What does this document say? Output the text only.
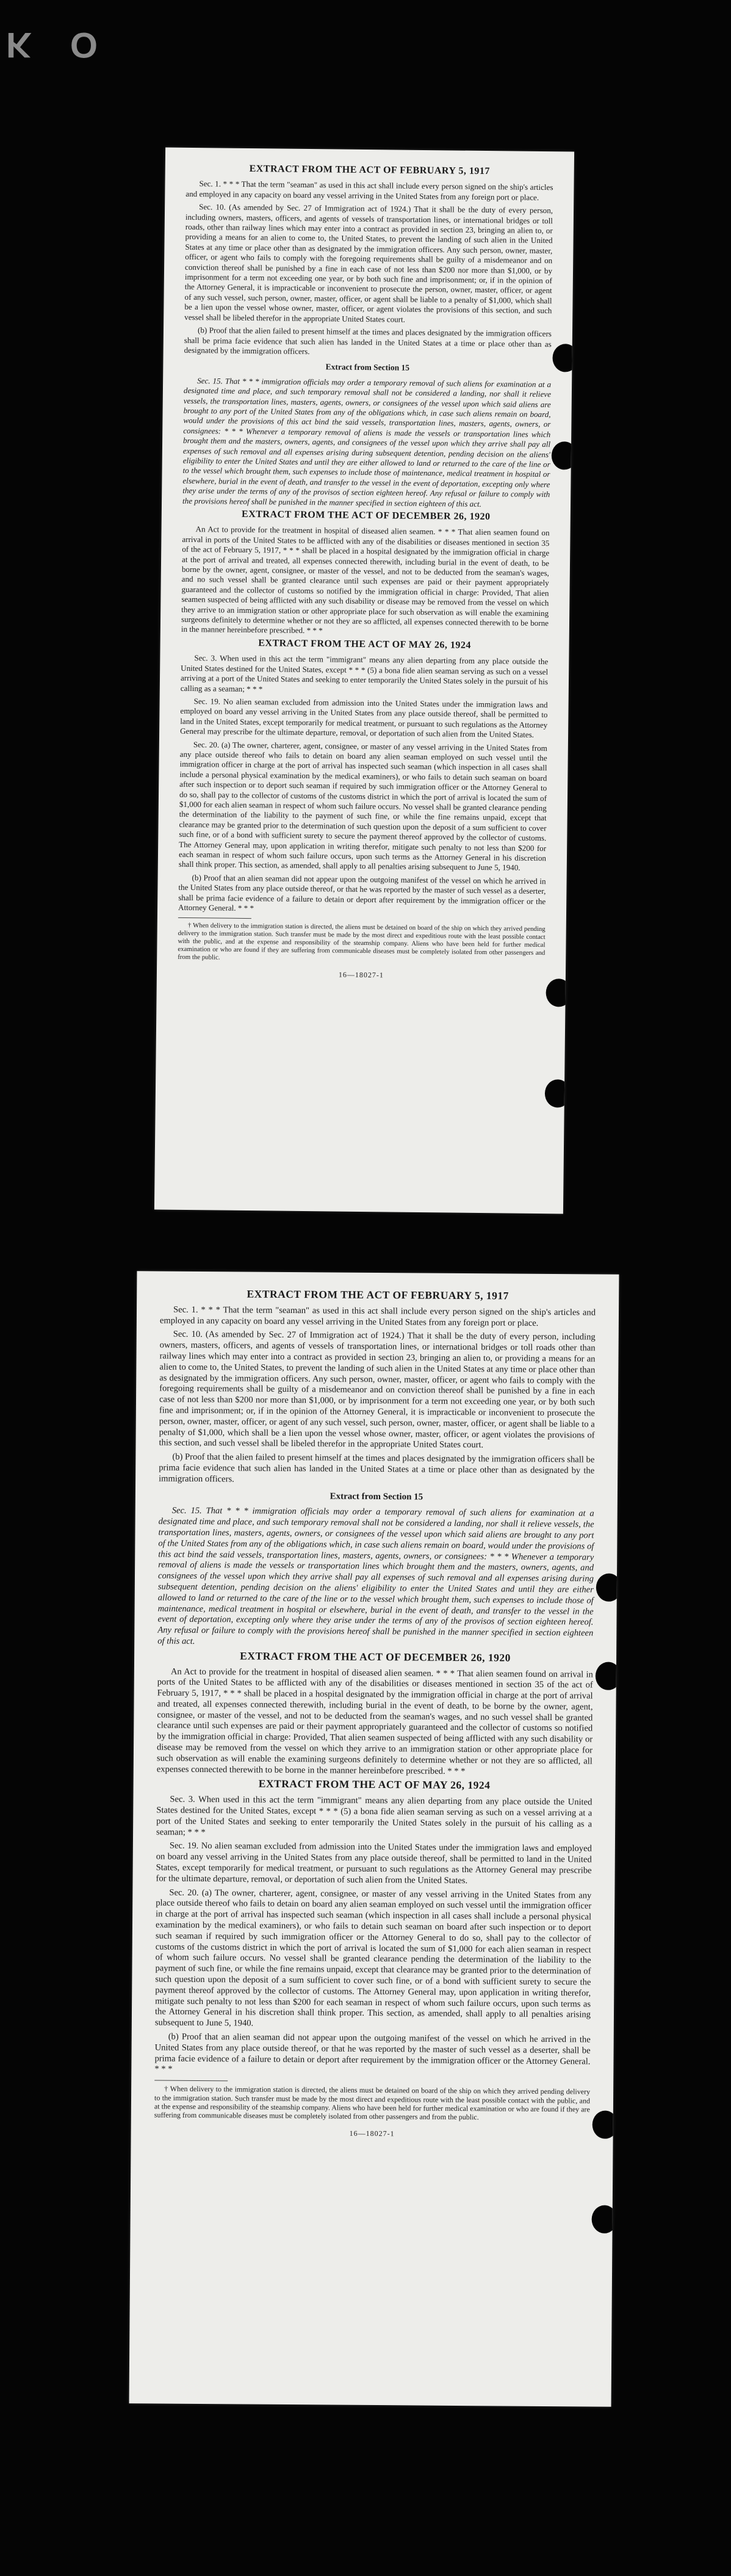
K O
EXTRACT FROM THE ACT OF FEBRUARY 5, 1917

Sec. 1. * * * That the term "seaman" as used in this act shall include every person signed on the ship's articles and employed in any capacity on board any vessel arriving in the United States from any foreign port or place.

Sec. 10. (As amended by Sec. 27 of Immigration act of 1924.) That it shall be the duty of every person, including owners, masters, officers, and agents of vessels of transportation lines, or international bridges or toll roads, other than railway lines which may enter into a contract as provided in section 23, bringing an alien to, or providing a means for an alien to come to, the United States, to prevent the landing of such alien in the United States at any time or place other than as designated by the immigration officers. Any such person, owner, master, officer, or agent who fails to comply with the foregoing requirements shall be guilty of a misdemeanor and on conviction thereof shall be punished by a fine in each case of not less than $200 nor more than $1,000, or by imprisonment for a term not exceeding one year, or by both such fine and imprisonment; or, if in the opinion of the Attorney General, it is impracticable or inconvenient to prosecute the person, owner, master, officer, or agent of any such vessel, such person, owner, master, officer, or agent shall be liable to a penalty of $1,000, which shall be a lien upon the vessel whose owner, master, officer, or agent violates the provisions of this section, and such vessel shall be libeled therefor in the appropriate United States court.

(b) Proof that the alien failed to present himself at the times and places designated by the immigration officers shall be prima facie evidence that such alien has landed in the United States at a time or place other than as designated by the immigration officers.

Extract from Section 15

Sec. 15. That * * * immigration officials may order a temporary removal of such aliens for examination at a designated time and place, and such temporary removal shall not be considered a landing, nor shall it relieve vessels, the transportation lines, masters, agents, owners, or consignees of the vessel upon which said aliens are brought to any port of the United States from any of the obligations which, in case such aliens remain on board, would under the provisions of this act bind the said vessels, transportation lines, masters, agents, owners, or consignees: * * * Whenever a temporary removal of aliens is made the vessels or transportation lines which brought them and the masters, owners, agents, and consignees of the vessel upon which they arrive shall pay all expenses of such removal and all expenses arising during subsequent detention, pending decision on the aliens' eligibility to enter the United States and until they are either allowed to land or returned to the care of the line or to the vessel which brought them, such expenses to include those of maintenance, medical treatment in hospital or elsewhere, burial in the event of death, and transfer to the vessel in the event of deportation, excepting only where they arise under the terms of any of the provisos of section eighteen hereof. Any refusal or failure to comply with the provisions hereof shall be punished in the manner specified in section eighteen of this act.

EXTRACT FROM THE ACT OF DECEMBER 26, 1920

An Act to provide for the treatment in hospital of diseased alien seamen. * * * That alien seamen found on arrival in ports of the United States to be afflicted with any of the disabilities or diseases mentioned in section 35 of the act of February 5, 1917, * * * shall be placed in a hospital designated by the immigration official in charge at the port of arrival and treated, all expenses connected therewith, including burial in the event of death, to be borne by the owner, agent, consignee, or master of the vessel, and not to be deducted from the seaman's wages, and no such vessel shall be granted clearance until such expenses are paid or their payment appropriately guaranteed and the collector of customs so notified by the immigration official in charge: Provided, That alien seamen suspected of being afflicted with any such disability or disease may be removed from the vessel on which they arrive to an immigration station or other appropriate place for such observation as will enable the examining surgeons definitely to determine whether or not they are so afflicted, all expenses connected therewith to be borne in the manner hereinbefore prescribed. * * *

EXTRACT FROM THE ACT OF MAY 26, 1924

Sec. 3. When used in this act the term "immigrant" means any alien departing from any place outside the United States destined for the United States, except * * * (5) a bona fide alien seaman serving as such on a vessel arriving at a port of the United States and seeking to enter temporarily the United States solely in the pursuit of his calling as a seaman; * * *

Sec. 19. No alien seaman excluded from admission into the United States under the immigration laws and employed on board any vessel arriving in the United States from any place outside thereof, shall be permitted to land in the United States, except temporarily for medical treatment, or pursuant to such regulations as the Attorney General may prescribe for the ultimate departure, removal, or deportation of such alien from the United States.

Sec. 20. (a) The owner, charterer, agent, consignee, or master of any vessel arriving in the United States from any place outside thereof who fails to detain on board any alien seaman employed on such vessel until the immigration officer in charge at the port of arrival has inspected such seaman (which inspection in all cases shall include a personal physical examination by the medical examiners), or who fails to detain such seaman on board after such inspection or to deport such seaman if required by such immigration officer or the Attorney General to do so, shall pay to the collector of customs of the customs district in which the port of arrival is located the sum of $1,000 for each alien seaman in respect of whom such failure occurs. No vessel shall be granted clearance pending the determination of the liability to the payment of such fine, or while the fine remains unpaid, except that clearance may be granted prior to the determination of such question upon the deposit of a sum sufficient to cover such fine, or of a bond with sufficient surety to secure the payment thereof approved by the collector of customs. The Attorney General may, upon application in writing therefor, mitigate such penalty to not less than $200 for each seaman in respect of whom such failure occurs, upon such terms as the Attorney General in his discretion shall think proper. This section, as amended, shall apply to all penalties arising subsequent to June 5, 1940.

(b) Proof that an alien seaman did not appear upon the outgoing manifest of the vessel on which he arrived in the United States from any place outside thereof, or that he was reported by the master of such vessel as a deserter, shall be prima facie evidence of a failure to detain or deport after requirement by the immigration officer or the Attorney General. * * *

† When delivery to the immigration station is directed, the aliens must be detained on board of the ship on which they arrived pending delivery to the immigration station. Such transfer must be made by the most direct and expeditious route with the least possible contact with the public, and at the expense and responsibility of the steamship company. Aliens who have been held for further medical examination or who are found if they are suffering from communicable diseases must be completely isolated from other passengers and from the public.

16—18027-1
EXTRACT FROM THE ACT OF FEBRUARY 5, 1917

Sec. 1. * * * That the term "seaman" as used in this act shall include every person signed on the ship's articles and employed in any capacity on board any vessel arriving in the United States from any foreign port or place.

Sec. 10. (As amended by Sec. 27 of Immigration act of 1924.) That it shall be the duty of every person, including owners, masters, officers, and agents of vessels of transportation lines, or international bridges or toll roads other than railway lines which may enter into a contract as provided in section 23, bringing an alien to, or providing a means for an alien to come to, the United States, to prevent the landing of such alien in the United States at any time or place other than as designated by the immigration officers. Any such person, owner, master, officer, or agent who fails to comply with the foregoing requirements shall be guilty of a misdemeanor and on conviction thereof shall be punished by a fine in each case of not less than $200 nor more than $1,000, or by imprisonment for a term not exceeding one year, or by both such fine and imprisonment; or, if in the opinion of the Attorney General, it is impracticable or inconvenient to prosecute the person, owner, master, officer, or agent of any such vessel, such person, owner, master, officer, or agent shall be liable to a penalty of $1,000, which shall be a lien upon the vessel whose owner, master, officer, or agent violates the provisions of this section, and such vessel shall be libeled therefor in the appropriate United States court.

(b) Proof that the alien failed to present himself at the times and places designated by the immigration officers shall be prima facie evidence that such alien has landed in the United States at a time or place other than as designated by the immigration officers.

Extract from Section 15

Sec. 15. That * * * immigration officials may order a temporary removal of such aliens for examination at a designated time and place, and such temporary removal shall not be considered a landing, nor shall it relieve vessels, the transportation lines, masters, agents, owners, or consignees of the vessel upon which said aliens are brought to any port of the United States from any of the obligations which, in case such aliens remain on board, would under the provisions of this act bind the said vessels, transportation lines, masters, agents, owners, or consignees: * * * Whenever a temporary removal of aliens is made the vessels or transportation lines which brought them and the masters, owners, agents, and consignees of the vessel upon which they arrive shall pay all expenses of such removal and all expenses arising during subsequent detention, pending decision on the aliens' eligibility to enter the United States and until they are either allowed to land or returned to the care of the line or to the vessel which brought them, such expenses to include those of maintenance, medical treatment in hospital or elsewhere, burial in the event of death, and transfer to the vessel in the event of deportation, excepting only where they arise under the terms of any of the provisos of section eighteen hereof. Any refusal or failure to comply with the provisions hereof shall be punished in the manner specified in section eighteen of this act.

EXTRACT FROM THE ACT OF DECEMBER 26, 1920

An Act to provide for the treatment in hospital of diseased alien seamen. * * * That alien seamen found on arrival in ports of the United States to be afflicted with any of the disabilities or diseases mentioned in section 35 of the act of February 5, 1917, * * * shall be placed in a hospital designated by the immigration official in charge at the port of arrival and treated, all expenses connected therewith, including burial in the event of death, to be borne by the owner, agent, consignee, or master of the vessel, and not to be deducted from the seaman's wages, and no such vessel shall be granted clearance until such expenses are paid or their payment appropriately guaranteed and the collector of customs so notified by the immigration official in charge: Provided, That alien seamen suspected of being afflicted with any such disability or disease may be removed from the vessel on which they arrive to an immigration station or other appropriate place for such observation as will enable the examining surgeons definitely to determine whether or not they are so afflicted, all expenses connected therewith to be borne in the manner hereinbefore prescribed. * * *

EXTRACT FROM THE ACT OF MAY 26, 1924

Sec. 3. When used in this act the term "immigrant" means any alien departing from any place outside the United States destined for the United States, except * * * (5) a bona fide alien seaman serving as such on a vessel arriving at a port of the United States and seeking to enter temporarily the United States solely in the pursuit of his calling as a seaman; * * *

Sec. 19. No alien seaman excluded from admission into the United States under the immigration laws and employed on board any vessel arriving in the United States from any place outside thereof, shall be permitted to land in the United States, except temporarily for medical treatment, or pursuant to such regulations as the Attorney General may prescribe for the ultimate departure, removal, or deportation of such alien from the United States.

Sec. 20. (a) The owner, charterer, agent, consignee, or master of any vessel arriving in the United States from any place outside thereof who fails to detain on board any alien seaman employed on such vessel until the immigration officer in charge at the port of arrival has inspected such seaman (which inspection in all cases shall include a personal physical examination by the medical examiners), or who fails to detain such seaman on board after such inspection or to deport such seaman if required by such immigration officer or the Attorney General to do so, shall pay to the collector of customs of the customs district in which the port of arrival is located the sum of $1,000 for each alien seaman in respect of whom such failure occurs. No vessel shall be granted clearance pending the determination of the liability to the payment of such fine, or while the fine remains unpaid, except that clearance may be granted prior to the determination of such question upon the deposit of a sum sufficient to cover such fine, or of a bond with sufficient surety to secure the payment thereof approved by the collector of customs. The Attorney General may, upon application in writing therefor, mitigate such penalty to not less than $200 for each seaman in respect of whom such failure occurs, upon such terms as the Attorney General in his discretion shall think proper. This section, as amended, shall apply to all penalties arising subsequent to June 5, 1940.

(b) Proof that an alien seaman did not appear upon the outgoing manifest of the vessel on which he arrived in the United States from any place outside thereof, or that he was reported by the master of such vessel as a deserter, shall be prima facie evidence of a failure to detain or deport after requirement by the immigration officer or the Attorney General. * * *

† When delivery to the immigration station is directed, the aliens must be detained on board of the ship on which they arrived pending delivery to the immigration station. Such transfer must be made by the most direct and expeditious route with the least possible contact with the public, and at the expense and responsibility of the steamship company. Aliens who have been held for further medical examination or who are found if they are suffering from communicable diseases must be completely isolated from other passengers and from the public.

16—18027-1
